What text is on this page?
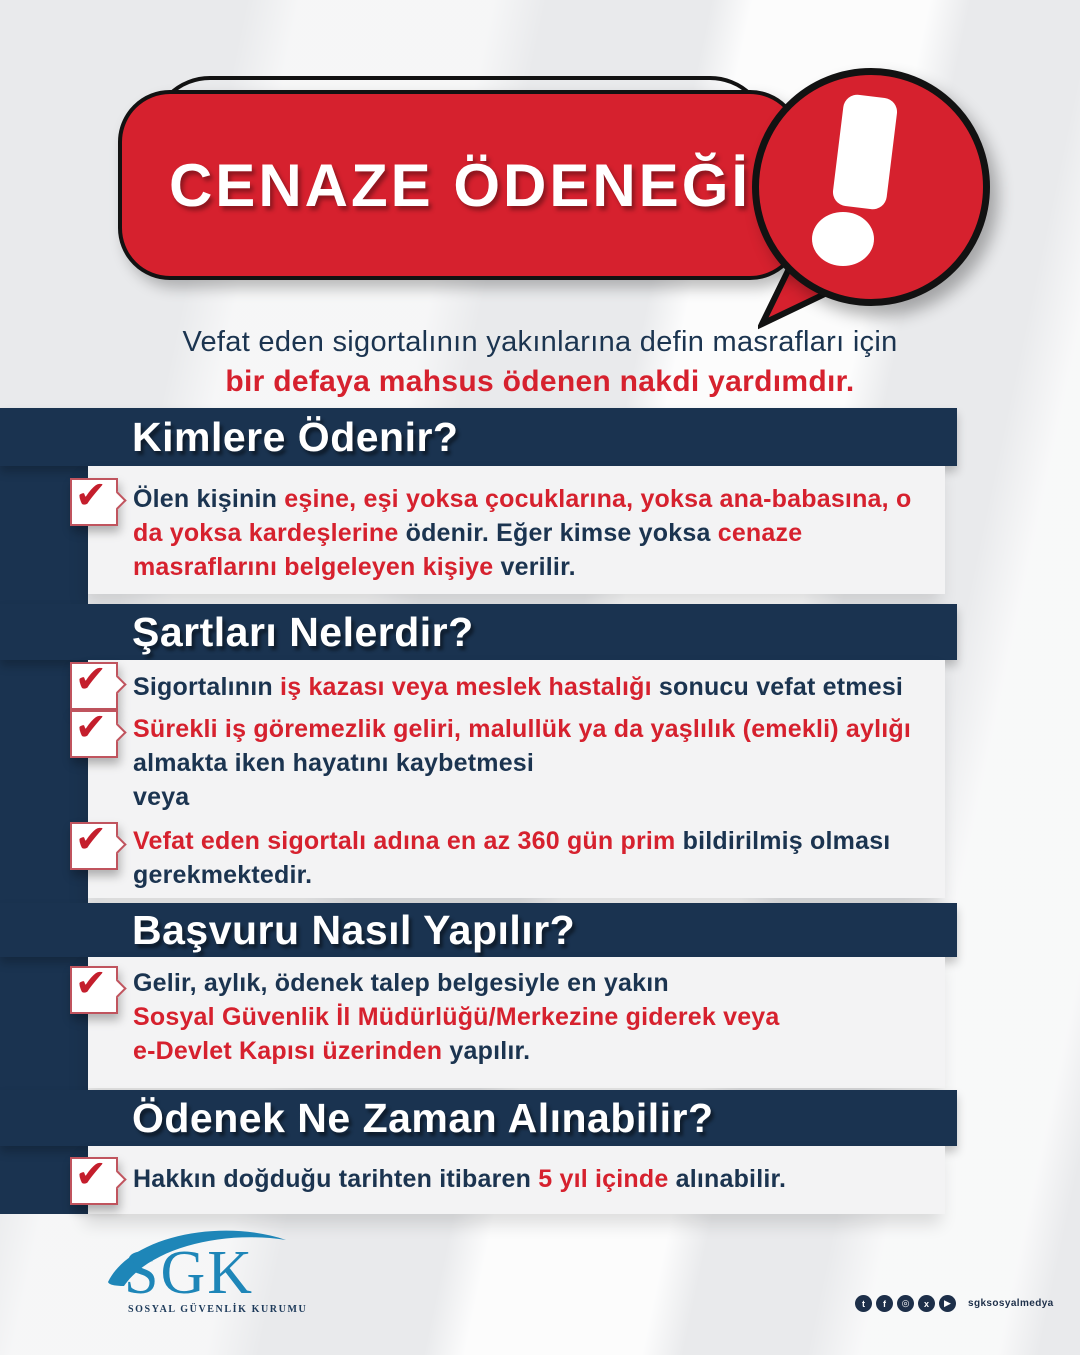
CENAZE ÖDENEĞİ
Vefat eden sigortalının yakınlarına defin masrafları için
bir defaya mahsus ödenen nakdi yardımdır.
Kimlere Ödenir?
✔ Ölen kişinin eşine, eşi yoksa çocuklarına, yoksa ana-babasına, o da yoksa kardeşlerine ödenir. Eğer kimse yoksa cenaze masraflarını belgeleyen kişiye verilir.
Şartları Nelerdir?
✔ Sigortalının iş kazası veya meslek hastalığı sonucu vefat etmesi
✔ Sürekli iş göremezlik geliri, malullük ya da yaşlılık (emekli) aylığı
almakta iken hayatını kaybetmesi
veya
✔ Vefat eden sigortalı adına en az 360 gün prim bildirilmiş olması
gerekmektedir.
Başvuru Nasıl Yapılır?
✔ Gelir, aylık, ödenek talep belgesiyle en yakın
Sosyal Güvenlik İl Müdürlüğü/Merkezine giderek veya
e-Devlet Kapısı üzerinden yapılır.
Ödenek Ne Zaman Alınabilir?
✔ Hakkın doğduğu tarihten itibaren 5 yıl içinde alınabilir.
SGK
SOSYAL GÜVENLİK KURUMU
t f ◎ x ▶ sgksosyalmedya
